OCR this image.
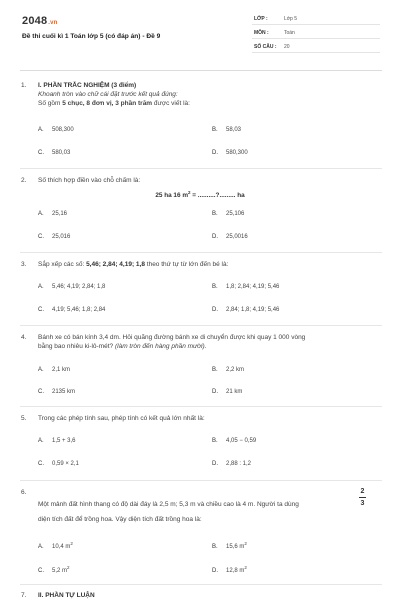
2048.vn
Đề thi cuối kì 1 Toán lớp 5 (có đáp án) - Đề 9
LỚP :	Lớp 5
MÔN :	Toán
SỐ CÂU : 20
1. I. PHẦN TRẮC NGHIỆM (3 điểm)
Khoanh tròn vào chữ cái đặt trước kết quả đúng:
Số gồm 5 chục, 8 đơn vị, 3 phần trăm được viết là:
A. 508,300	B. 58,03
C. 580,03	D. 580,300
2. Số thích hợp điền vào chỗ chấm là:
25 ha 16 $m^2$ = ..........?......... ha
A. 25,16	B. 25,106
C. 25,016	D. 25,0016
3. Sắp xếp các số: 5,46; 2,84; 4,19; 1,8 theo thứ tự từ lớn đến bé là:
A. 5,46; 4,19; 2,84; 1,8	B. 1,8; 2,84; 4,19; 5,46
C. 4,19; 5,46; 1,8; 2,84	D. 2,84; 1,8; 4,19; 5,46
4. Bánh xe có bán kính 3,4 dm. Hỏi quãng đường bánh xe di chuyển được khi quay 1 000 vòng
bằng bao nhiêu ki-lô-mét? (làm tròn đến hàng phần mười).
A. 2,1 km	B. 2,2 km
C. 2135 km	D. 21 km
5. Trong các phép tính sau, phép tính có kết quả lớn nhất là:
A. 1,5 + 3,6	B. 4,05 − 0,59
C. 0,59 × 2,1	D. 2,88 : 1,2
6.
Một mảnh đất hình thang có độ dài đáy là 2,5 m; 5,3 m và chiều cao là 4 m. Người ta dùng
2
3
diện tích đất để trồng hoa. Vậy diện tích đất trồng hoa là:
A. 10,4 $m^2$
B. 15,6 $m^2$
C. 5,2 $m^2$
D. 12,8 $m^2$
7. II. PHẦN TỰ LUẬN
